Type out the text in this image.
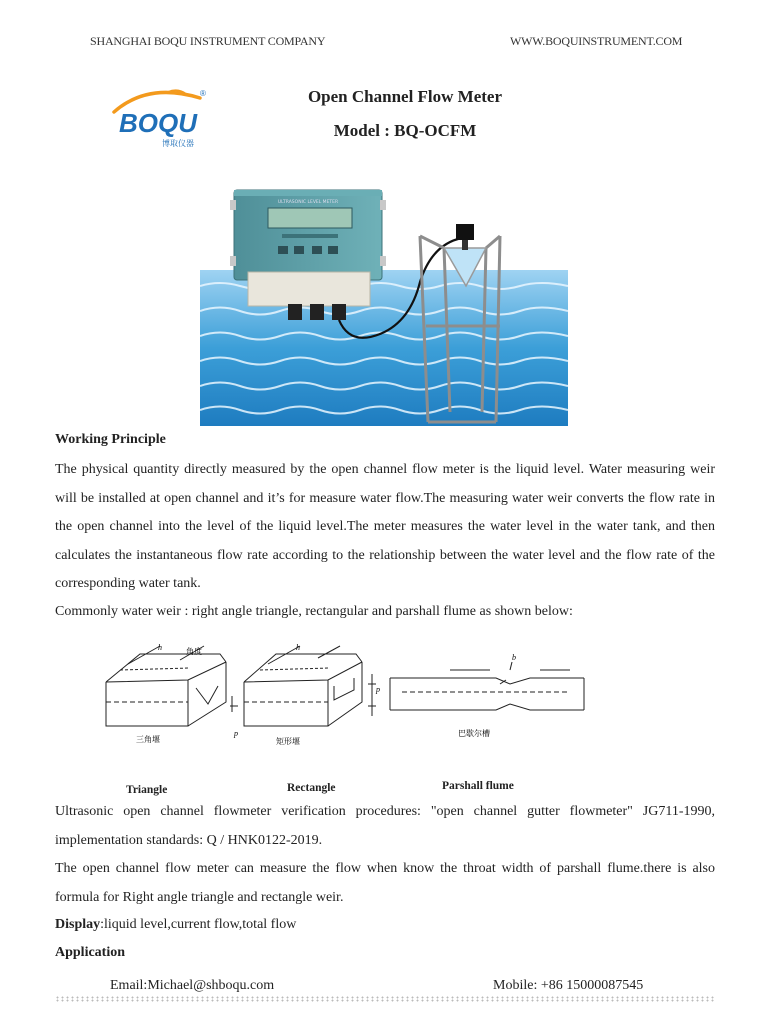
SHANGHAI BOQU INSTRUMENT COMPANY	WWW.BOQUINSTRUMENT.COM
BOQU
博取仪器
®	Open Channel Flow Meter
Model : BQ-OCFM
ULTRASONIC LEVEL METER
Working Principle
The physical quantity directly measured by the open channel flow meter is the liquid level. Water measuring weir will be installed at open channel and it’s for measure water flow.The measuring water weir converts the flow rate in the open channel into the level of the liquid level.The meter measures the water level in the water tank, and then calculates the instantaneous flow rate according to the relationship between the water level and the flow rate of the corresponding water tank.
Commonly water weir : right angle triangle, rectangular and parshall flume as shown below:
h	角度
p
三角堰
h
p
矩形堰
b
巴歇尔槽
Triangle	Rectangle	Parshall flume
Ultrasonic open channel flowmeter verification procedures: "open channel gutter flowmeter" JG711-1990, implementation standards: Q / HNK0122-2019.
The open channel flow meter can measure the flow when know the throat width of parshall flume.there is also formula for Right angle triangle and rectangle weir.
Display:liquid level,current flow,total flow
Application
Email:Michael@shboqu.com	Mobile: +86 15000087545
